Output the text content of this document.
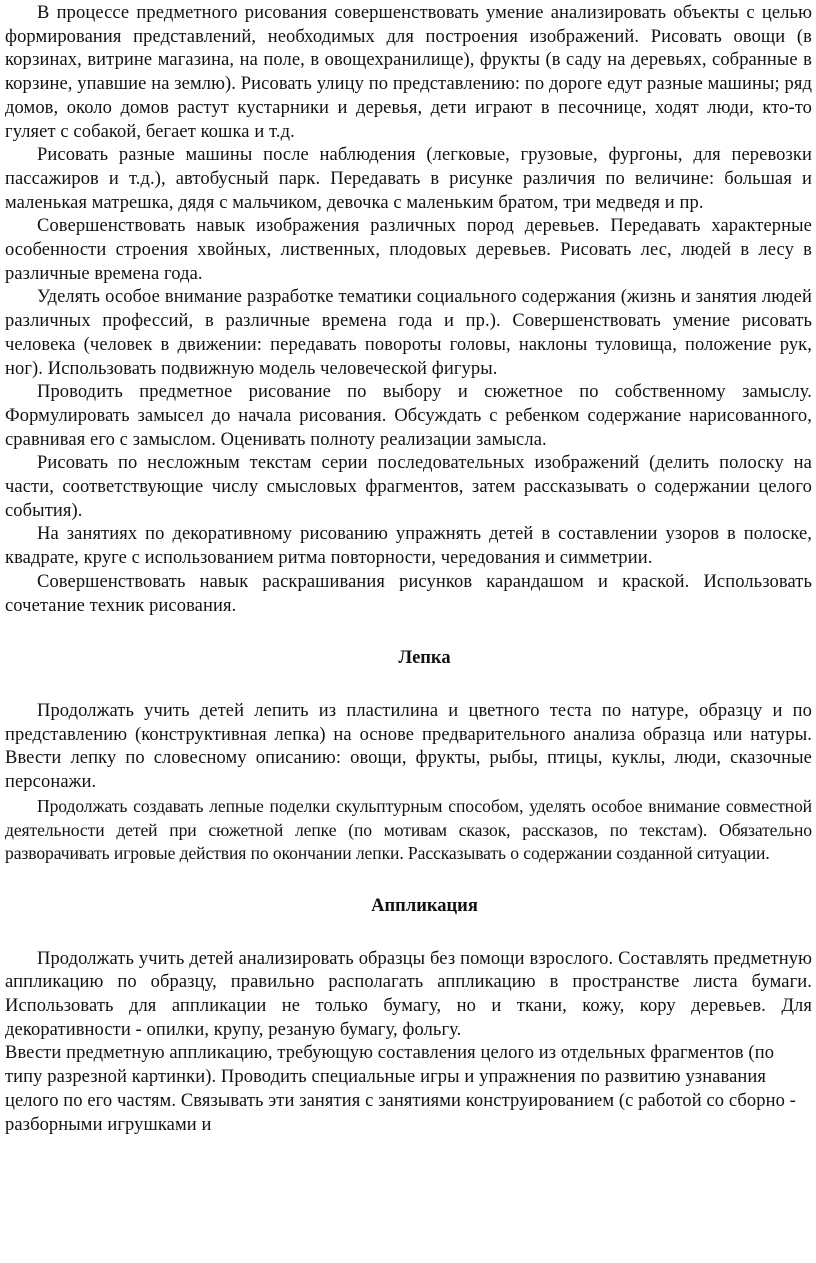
В процессе предметного рисования совершенствовать умение анализировать объекты с целью формирования представлений, необходимых для построения изображений. Рисовать овощи (в корзинах, витрине магазина, на поле, в овощехранилище), фрукты (в саду на деревьях, собранные в корзине, упавшие на землю). Рисовать улицу по представлению: по дороге едут разные машины; ряд домов, около домов растут кустарники и деревья, дети играют в песочнице, ходят люди, кто-то гуляет с собакой, бегает кошка и т.д.

Рисовать разные машины после наблюдения (легковые, грузовые, фургоны, для перевозки пассажиров и т.д.), автобусный парк. Передавать в рисунке различия по величине: большая и маленькая матрешка, дядя с мальчиком, девочка с маленьким братом, три медведя и пр.

Совершенствовать навык изображения различных пород деревьев. Передавать характерные особенности строения хвойных, лиственных, плодовых деревьев. Рисовать лес, людей в лесу в различные времена года.

Уделять особое внимание разработке тематики социального содержания (жизнь и занятия людей различных профессий, в различные времена года и пр.). Совершенствовать умение рисовать человека (человек в движении: передавать повороты головы, наклоны туловища, положение рук, ног). Использовать подвижную модель человеческой фигуры.

Проводить предметное рисование по выбору и сюжетное по собственному замыслу. Формулировать замысел до начала рисования. Обсуждать с ребенком содержание нарисованного, сравнивая его с замыслом. Оценивать полноту реализации замысла.

Рисовать по несложным текстам серии последовательных изображений (делить полоску на части, соответствующие числу смысловых фрагментов, затем рассказывать о содержании целого события).

На занятиях по декоративному рисованию упражнять детей в составлении узоров в полоске, квадрате, круге с использованием ритма повторности, чередования и симметрии.

Совершенствовать навык раскрашивания рисунков карандашом и краской. Использовать сочетание техник рисования.

Лепка

Продолжать учить детей лепить из пластилина и цветного теста по натуре, образцу и по представлению (конструктивная лепка) на основе предварительного анализа образца или натуры. Ввести лепку по словесному описанию: овощи, фрукты, рыбы, птицы, куклы, люди, сказочные персонажи.

Продолжать создавать лепные поделки скульптурным способом, уделять особое внимание совместной деятельности детей при сюжетной лепке (по мотивам сказок, рассказов, по текстам). Обязательно разворачивать игровые действия по окончании лепки. Рассказывать о содержании созданной ситуации.

Аппликация

Продолжать учить детей анализировать образцы без помощи взрослого. Составлять предметную аппликацию по образцу, правильно располагать аппликацию в пространстве листа бумаги. Использовать для аппликации не только бумагу, но и ткани, кожу, кору деревьев. Для декоративности - опилки, крупу, резаную бумагу, фольгу.

Ввести предметную аппликацию, требующую составления целого из отдельных фрагментов (по типу разрезной картинки). Проводить специальные игры и упражнения по развитию узнавания целого по его частям. Связывать эти занятия с занятиями конструированием (с работой со сборно - разборными игрушками и
